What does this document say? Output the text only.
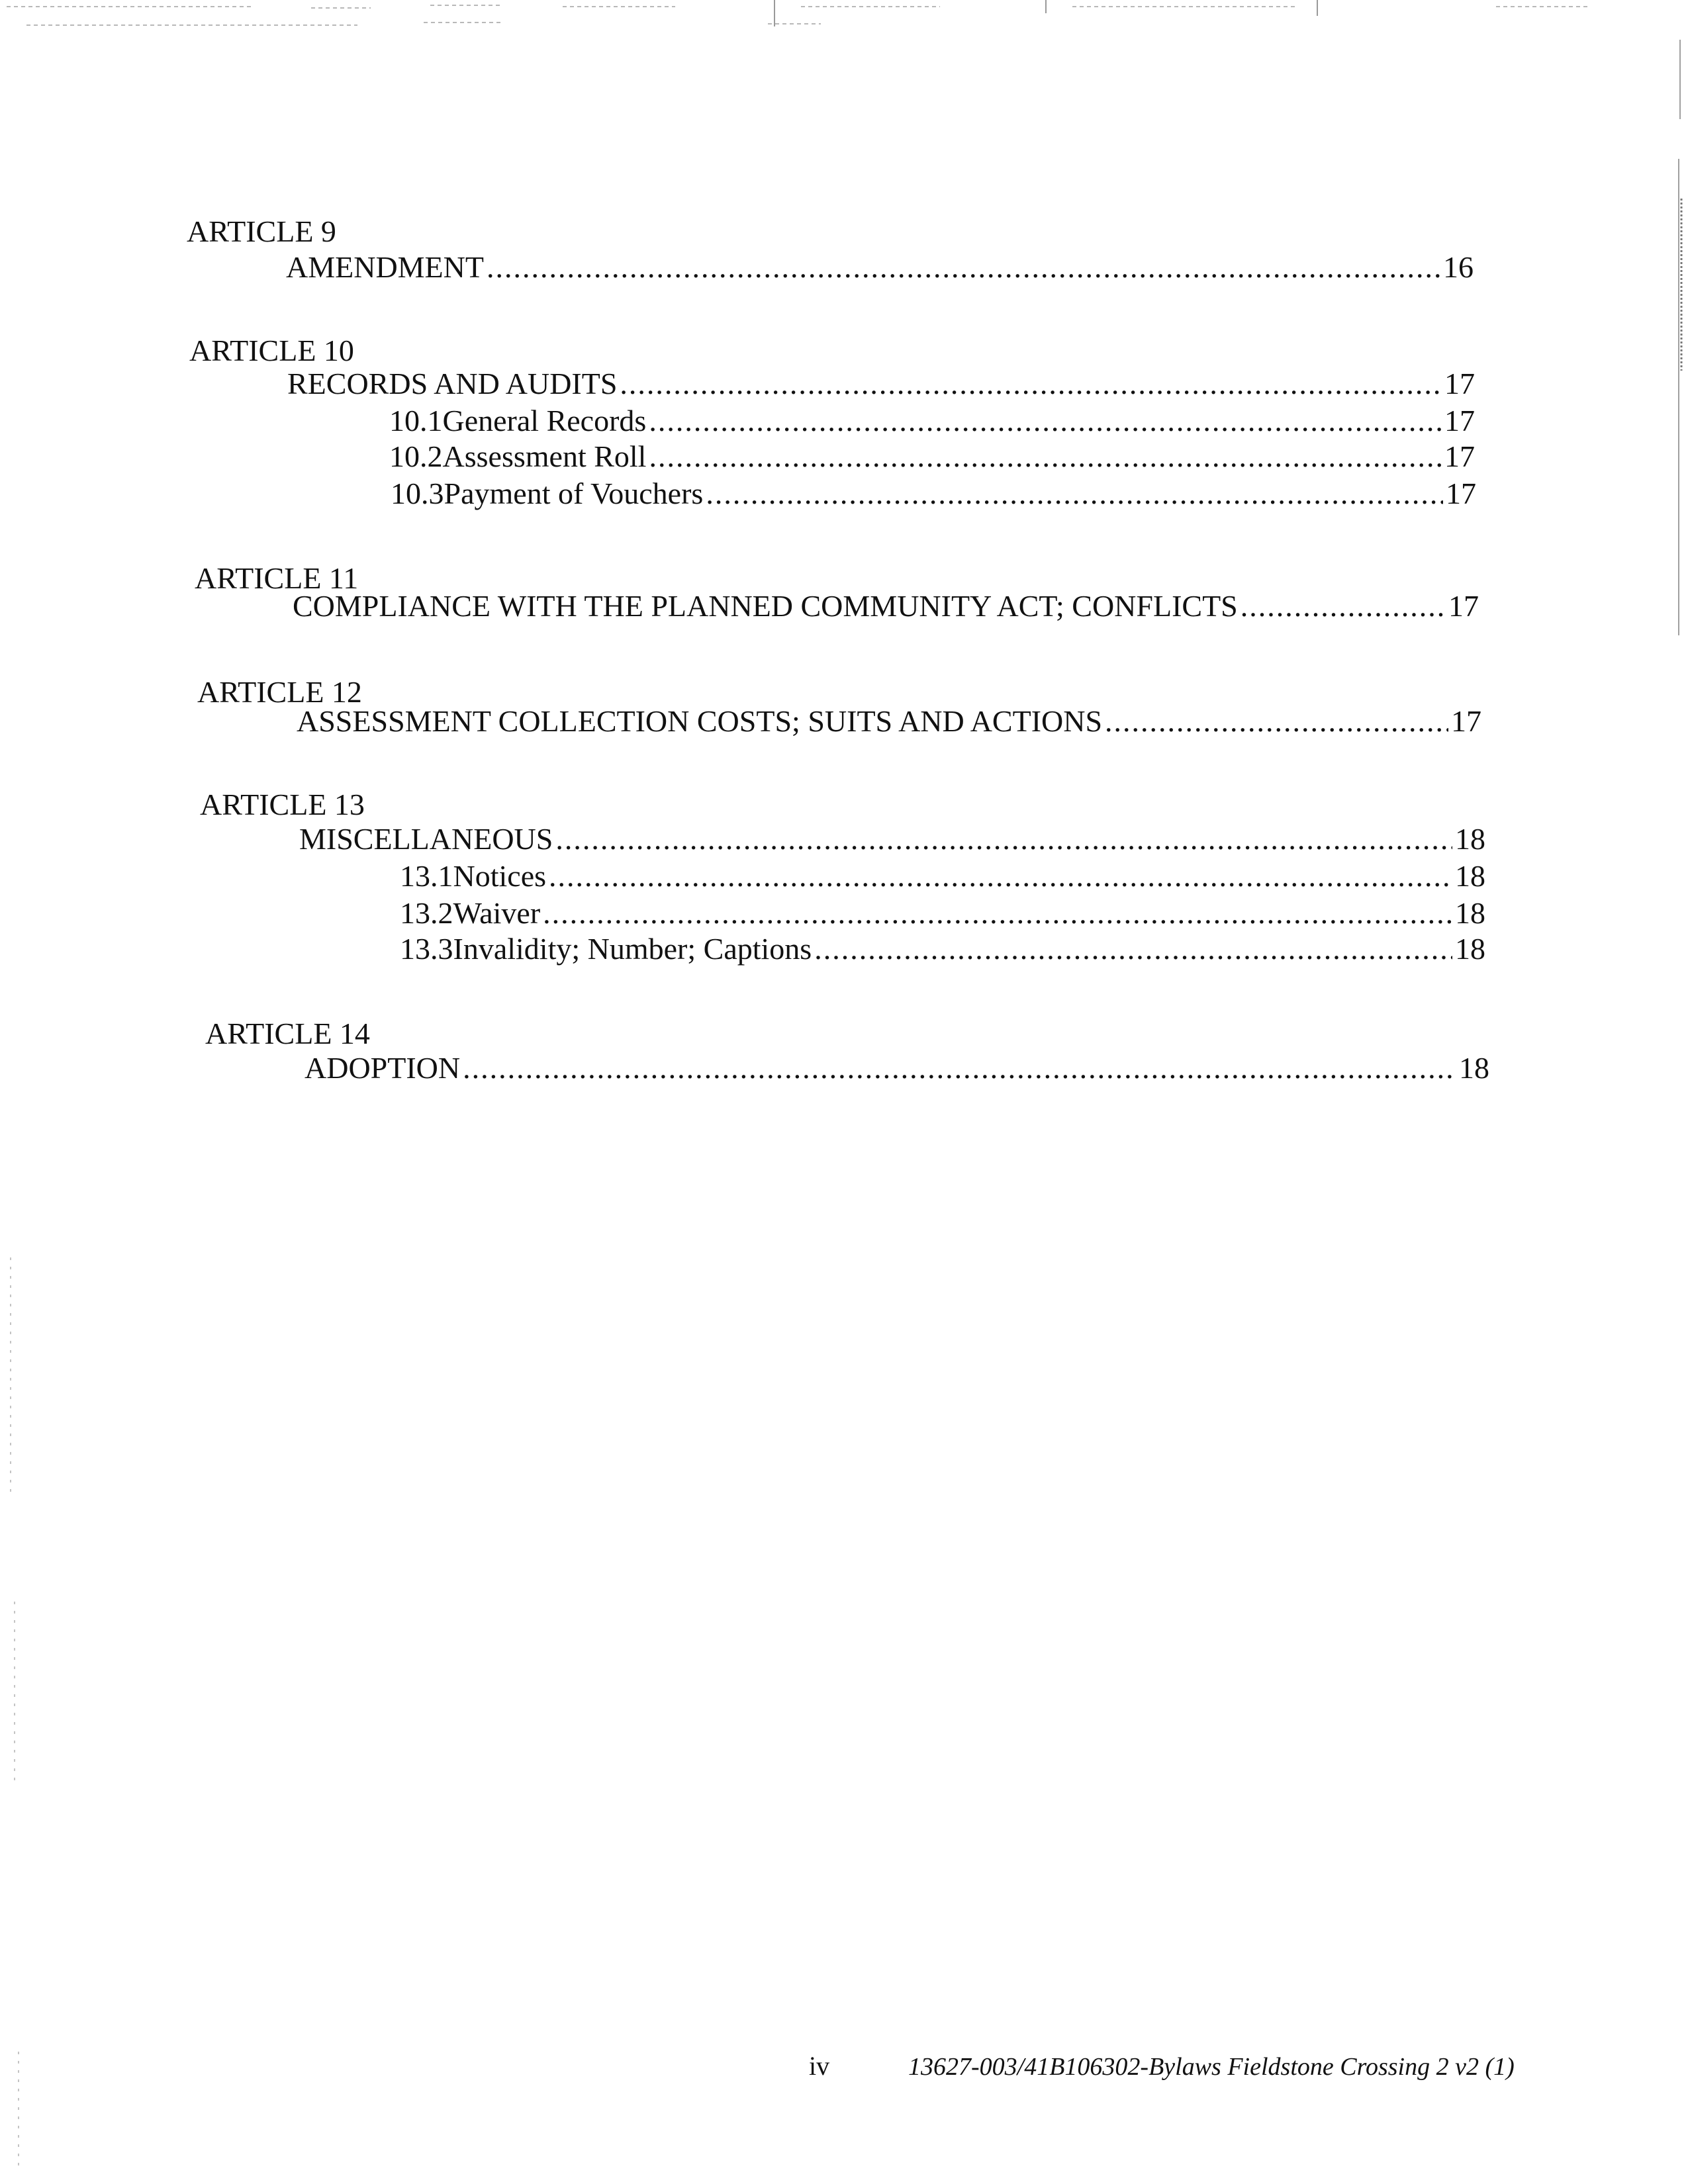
ARTICLE 9
AMENDMENT .....	16
ARTICLE 10
RECORDS AND AUDITS .....	17
10.1 General Records .....	17
10.2 Assessment Roll .....	17
10.3 Payment of Vouchers .....	17
ARTICLE 11
COMPLIANCE WITH THE PLANNED COMMUNITY ACT; CONFLICTS .....	17
ARTICLE 12
ASSESSMENT COLLECTION COSTS; SUITS AND ACTIONS .....	17
ARTICLE 13
MISCELLANEOUS .....	18
13.1 Notices .....	18
13.2 Waiver .....	18
13.3 Invalidity; Number; Captions .....	18
ARTICLE 14
ADOPTION .....	18
iv	13627-003/41B106302-Bylaws Fieldstone Crossing 2 v2 (1)
